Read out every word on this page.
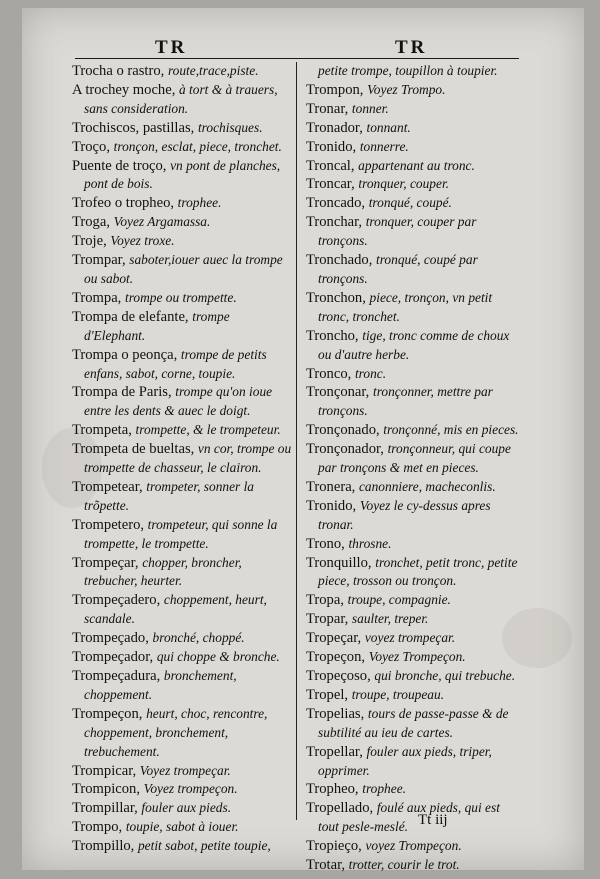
TR	TR

Trocha o rastro, route,trace,piste.

A trochey moche, à tort & à trauers, sans consideration.

Trochiscos, pastillas, trochisques.

Troço, tronçon, esclat, piece, tronchet.

Puente de troço, vn pont de planches, pont de bois.

Trofeo o tropheo, trophee.

Troga, Voyez Argamassa.

Troje, Voyez troxe.

Trompar, saboter,iouer auec la trompe ou sabot.

Trompa, trompe ou trompette.

Trompa de elefante, trompe d'Elephant.

Trompa o peonça, trompe de petits enfans, sabot, corne, toupie.

Trompa de Paris, trompe qu'on ioue entre les dents & auec le doigt.

Trompeta, trompette, & le trompeteur.

Trompeta de bueltas, vn cor, trompe ou trompette de chasseur, le clairon.

Trompetear, trompeter, sonner la trõpette.

Trompetero, trompeteur, qui sonne la trompette, le trompette.

Trompeçar, chopper, broncher, trebucher, heurter.

Trompeçadero, choppement, heurt, scandale.

Trompeçado, bronché, choppé.

Trompeçador, qui choppe & bronche.

Trompeçadura, bronchement, choppement.

Trompeçon, heurt, choc, rencontre, choppement, bronchement, trebuchement.

Trompicar, Voyez trompeçar.

Trompicon, Voyez trompeçon.

Trompillar, fouler aux pieds.

Trompo, toupie, sabot à iouer.

Trompillo, petit sabot, petite toupie,

petite trompe, toupillon à toupier.

Trompon, Voyez Trompo.

Tronar, tonner.

Tronador, tonnant.

Tronido, tonnerre.

Troncal, appartenant au tronc.

Troncar, tronquer, couper.

Troncado, tronqué, coupé.

Tronchar, tronquer, couper par tronçons.

Tronchado, tronqué, coupé par tronçons.

Tronchon, piece, tronçon, vn petit tronc, tronchet.

Troncho, tige, tronc comme de choux ou d'autre herbe.

Tronco, tronc.

Tronçonar, tronçonner, mettre par tronçons.

Tronçonado, tronçonné, mis en pieces.

Tronçonador, tronçonneur, qui coupe par tronçons & met en pieces.

Tronera, canonniere, macheconlis.

Tronido, Voyez le cy-dessus apres tronar.

Trono, throsne.

Tronquillo, tronchet, petit tronc, petite piece, trosson ou tronçon.

Tropa, troupe, compagnie.

Tropar, saulter, treper.

Tropeçar, voyez trompeçar.

Tropeçon, Voyez Trompeçon.

Tropeçoso, qui bronche, qui trebuche.

Tropel, troupe, troupeau.

Tropelias, tours de passe-passe & de subtilité au ieu de cartes.

Tropellar, fouler aux pieds, triper, opprimer.

Tropheo, trophee.

Tropellado, foulé aux pieds, qui est tout pesle-meslé.

Tropieço, voyez Trompeçon.

Trotar, trotter, courir le trot.

Tt iij
